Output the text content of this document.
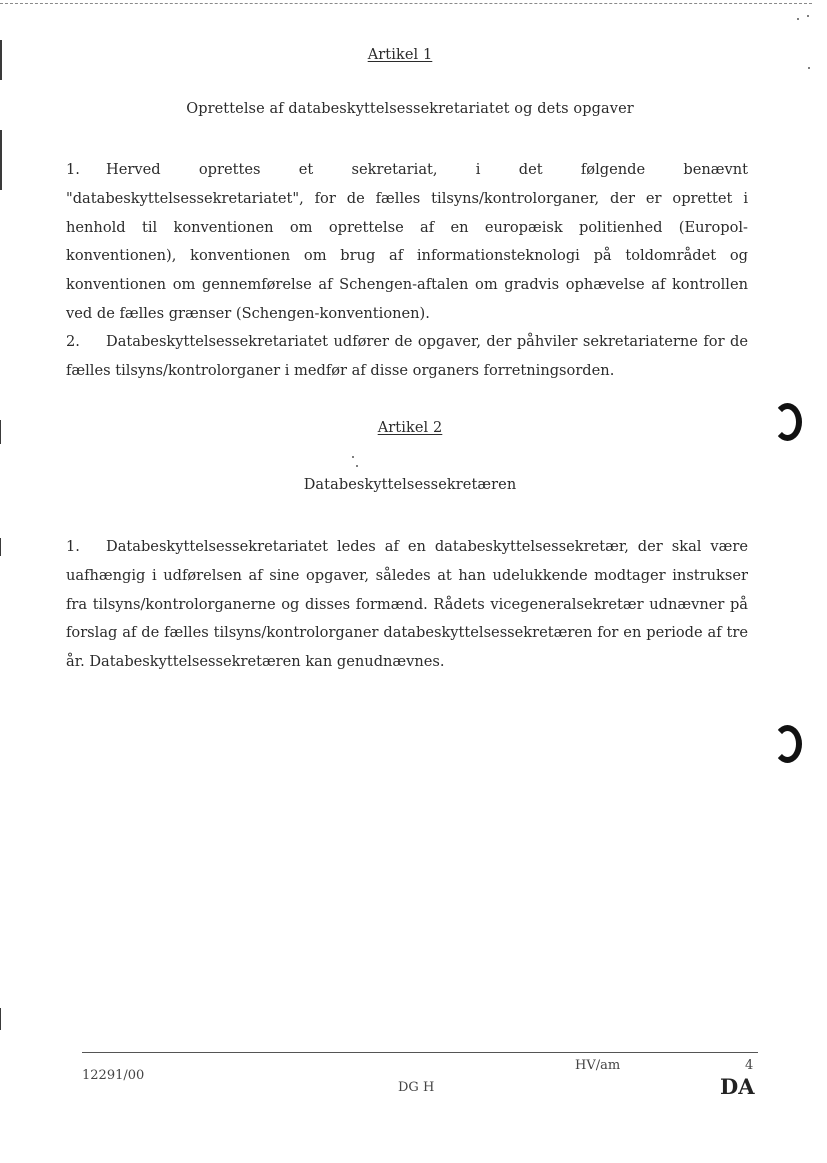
Artikel 1
Oprettelse af databeskyttelsessekretariatet og dets opgaver
1. Herved oprettes et sekretariat, i det følgende benævnt "databeskyttelsessekretariatet", for de fælles tilsyns/kontrolorganer, der er oprettet i henhold til konventionen om oprettelse af en europæisk politienhed (Europol-konventionen), konventionen om brug af informationsteknologi på toldområdet og konventionen om gennemførelse af Schengen-aftalen om gradvis ophævelse af kontrollen ved de fælles grænser (Schengen-konventionen).
2. Databeskyttelsessekretariatet udfører de opgaver, der påhviler sekretariaterne for de fælles tilsyns/kontrolorganer i medfør af disse organers forretningsorden.
Artikel 2
Databeskyttelsessekretæren
1. Databeskyttelsessekretariatet ledes af en databeskyttelsessekretær, der skal være uafhængig i udførelsen af sine opgaver, således at han udelukkende modtager instrukser fra tilsyns/kontrolorganerne og disses formænd. Rådets vicegeneralsekretær udnævner på forslag af de fælles tilsyns/kontrolorganer databeskyttelsessekretæren for en periode af tre år. Databeskyttelsessekretæren kan genudnævnes.
12291/00
HV/am	4
DG H	DA
